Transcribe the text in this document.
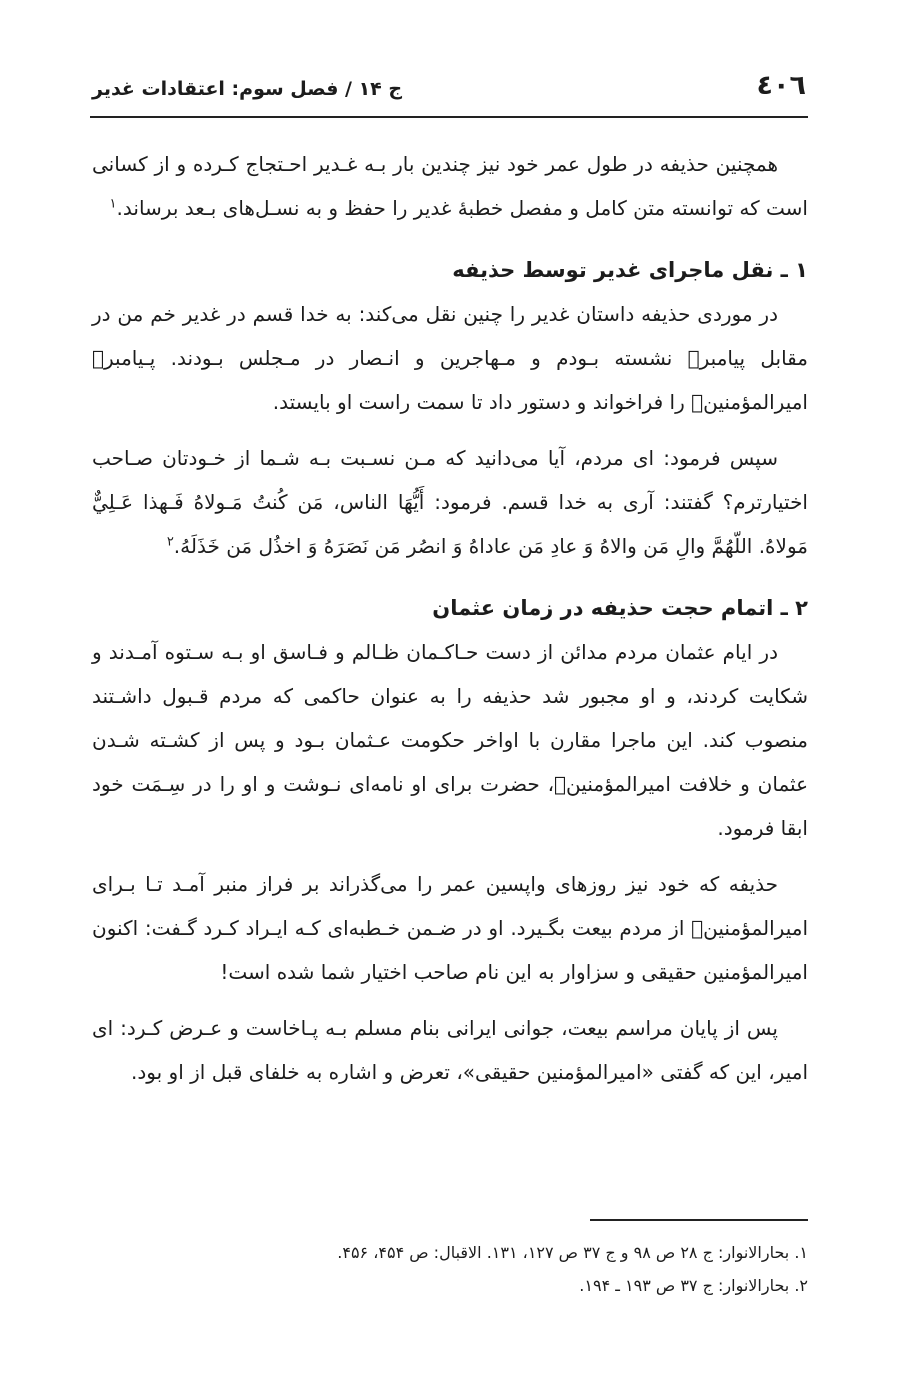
٤٠٦
ج ١۴ / فصل سوم: اعتقادات غدیر

همچنین حذیفه در طول عمر خود نیز چندین بار بـه غـدیر احـتجاج کـرده و از کسانی است که توانسته متن کامل و مفصل خطبهٔ غدیر را حفظ و به نسـل‌های بـعد برساند.$^١$

١ ـ نقل ماجرای غدیر توسط حذیفه

در موردی حذیفه داستان غدیر را چنین نقل می‌کند: به خدا قسم در غدیر خم من در مقابل پیامبرﷺ نشسته بـودم و مـهاجرین و انـصار در مـجلس بـودند. پـیامبرﷺ امیرالمؤمنینؑ را فراخواند و دستور داد تا سمت راست او بایستد.

سپس فرمود: ای مردم، آیا می‌دانید که مـن نسـبت بـه شـما از خـودتان صـاحب اختیارترم؟ گفتند: آری به خدا قسم. فرمود: أَيُّهَا الناس، مَن كُنتُ مَـولاهُ فَـهذا عَـلِيٌّ مَولاهُ. اللّهُمَّ والِ مَن والاهُ وَ عادِ مَن عاداهُ وَ انصُر مَن نَصَرَهُ وَ اخذُل مَن خَذَلَهُ.$^٢$

٢ ـ اتمام حجت حذیفه در زمان عثمان

در ایام عثمان مردم مدائن از دست حـاکـمان ظـالم و فـاسق او بـه سـتوه آمـدند و شکایت کردند، و او مجبور شد حذیفه را به عنوان حاکمی که مردم قـبول داشـتند منصوب کند. این ماجرا مقارن با اواخر حکومت عـثمان بـود و پس از کشـته شـدن عثمان و خلافت امیرالمؤمنینؑ، حضرت برای او نامه‌ای نـوشت و او را در سِـمَت خود ابقا فرمود.

حذیفه که خود نیز روزهای واپسین عمر را می‌گذراند بر فراز منبر آمـد تـا بـرای امیرالمؤمنینؑ از مردم بیعت بگـیرد. او در ضـمن خـطبه‌ای کـه ایـراد کـرد گـفت: اکنون امیرالمؤمنین حقیقی و سزاوار به این نام صاحب اختیار شما شده است!

پس از پایان مراسم بیعت، جوانی ایرانی بنام مسلم بـه پـاخاست و عـرض کـرد: ای امیر، این که گفتی «امیرالمؤمنین حقیقی»، تعرض و اشاره به خلفای قبل از او بود.

١. بحارالانوار: ج ٢٨ ص ٩٨ و ج ٣٧ ص ١٢٧، ١٣١. الاقبال: ص ۴۵۴، ۴۵۶.

٢. بحارالانوار: ج ٣٧ ص ١٩٣ ـ ١٩۴.
